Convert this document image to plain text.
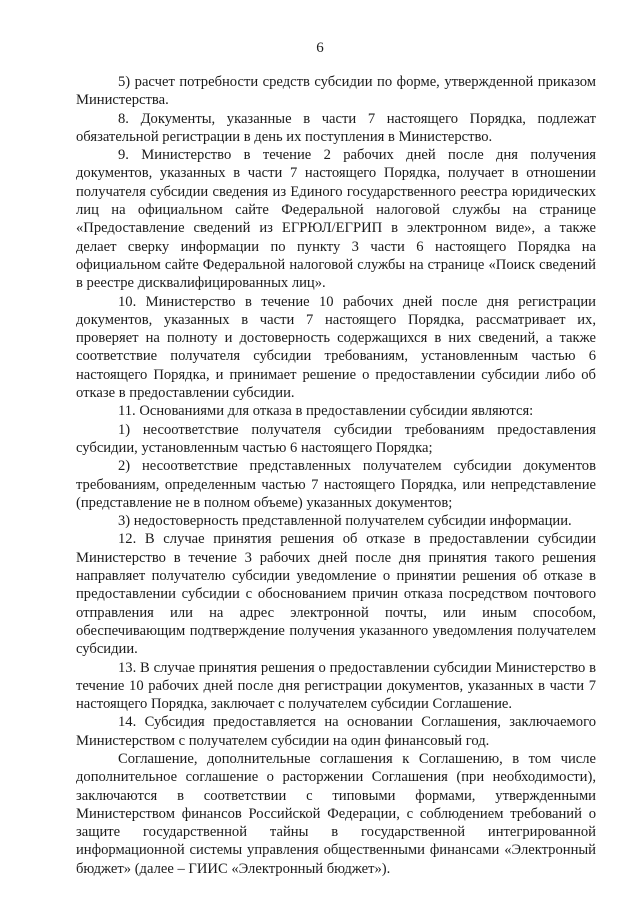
6

5) расчет потребности средств субсидии по форме, утвержденной приказом Министерства.

8. Документы, указанные в части 7 настоящего Порядка, подлежат обязательной регистрации в день их поступления в Министерство.

9. Министерство в течение 2 рабочих дней после дня получения документов, указанных в части 7 настоящего Порядка, получает в отношении получателя субсидии сведения из Единого государственного реестра юридических лиц на официальном сайте Федеральной налоговой службы на странице «Предоставление сведений из ЕГРЮЛ/ЕГРИП в электронном виде», а также делает сверку информации по пункту 3 части 6 настоящего Порядка на официальном сайте Федеральной налоговой службы на странице «Поиск сведений в реестре дисквалифицированных лиц».

10. Министерство в течение 10 рабочих дней после дня регистрации документов, указанных в части 7 настоящего Порядка, рассматривает их, проверяет на полноту и достоверность содержащихся в них сведений, а также соответствие получателя субсидии требованиям, установленным частью 6 настоящего Порядка, и принимает решение о предоставлении субсидии либо об отказе в предоставлении субсидии.

11. Основаниями для отказа в предоставлении субсидии являются:

1) несоответствие получателя субсидии требованиям предоставления субсидии, установленным частью 6 настоящего Порядка;

2) несоответствие представленных получателем субсидии документов требованиям, определенным частью 7 настоящего Порядка, или непредставление (представление не в полном объеме) указанных документов;

3) недостоверность представленной получателем субсидии информации.

12. В случае принятия решения об отказе в предоставлении субсидии Министерство в течение 3 рабочих дней после дня принятия такого решения направляет получателю субсидии уведомление о принятии решения об отказе в предоставлении субсидии с обоснованием причин отказа посредством почтового отправления или на адрес электронной почты, или иным способом, обеспечивающим подтверждение получения указанного уведомления получателем субсидии.

13. В случае принятия решения о предоставлении субсидии Министерство в течение 10 рабочих дней после дня регистрации документов, указанных в части 7 настоящего Порядка, заключает с получателем субсидии Соглашение.

14. Субсидия предоставляется на основании Соглашения, заключаемого Министерством с получателем субсидии на один финансовый год.

Соглашение, дополнительные соглашения к Соглашению, в том числе дополнительное соглашение о расторжении Соглашения (при необходимости), заключаются в соответствии с типовыми формами, утвержденными Министерством финансов Российской Федерации, с соблюдением требований о защите государственной тайны в государственной интегрированной информационной системы управления общественными финансами «Электронный бюджет» (далее – ГИИС «Электронный бюджет»).
